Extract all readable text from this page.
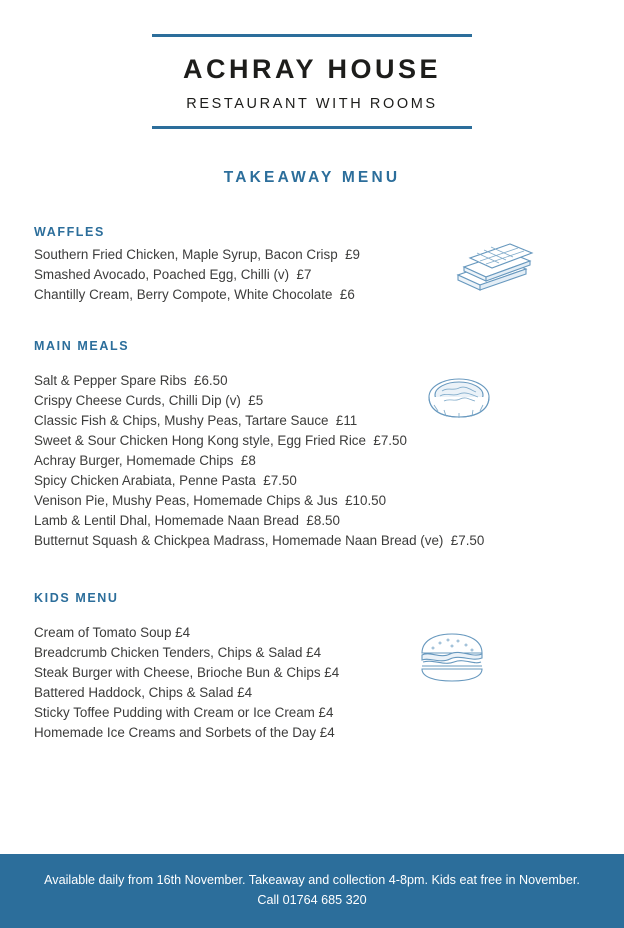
ACHRAY HOUSE
RESTAURANT WITH ROOMS
TAKEAWAY MENU
WAFFLES
Southern Fried Chicken, Maple Syrup, Bacon Crisp  £9
Smashed Avocado, Poached Egg, Chilli (v)  £7
Chantilly Cream, Berry Compote, White Chocolate  £6
MAIN MEALS
Salt & Pepper Spare Ribs  £6.50
Crispy Cheese Curds, Chilli Dip (v)  £5
Classic Fish & Chips, Mushy Peas, Tartare Sauce  £11
Sweet & Sour Chicken Hong Kong style, Egg Fried Rice  £7.50
Achray Burger, Homemade Chips  £8
Spicy Chicken Arabiata, Penne Pasta  £7.50
Venison Pie, Mushy Peas, Homemade Chips & Jus  £10.50
Lamb & Lentil Dhal, Homemade Naan Bread  £8.50
Butternut Squash & Chickpea Madrass, Homemade Naan Bread (ve)  £7.50
KIDS MENU
Cream of Tomato Soup £4
Breadcrumb Chicken Tenders, Chips & Salad £4
Steak Burger with Cheese, Brioche Bun & Chips £4
Battered Haddock, Chips & Salad £4
Sticky Toffee Pudding with Cream or Ice Cream £4
Homemade Ice Creams and Sorbets of the Day £4
Available daily from 16th November. Takeaway and collection 4-8pm. Kids eat free in November.
Call 01764 685 320
